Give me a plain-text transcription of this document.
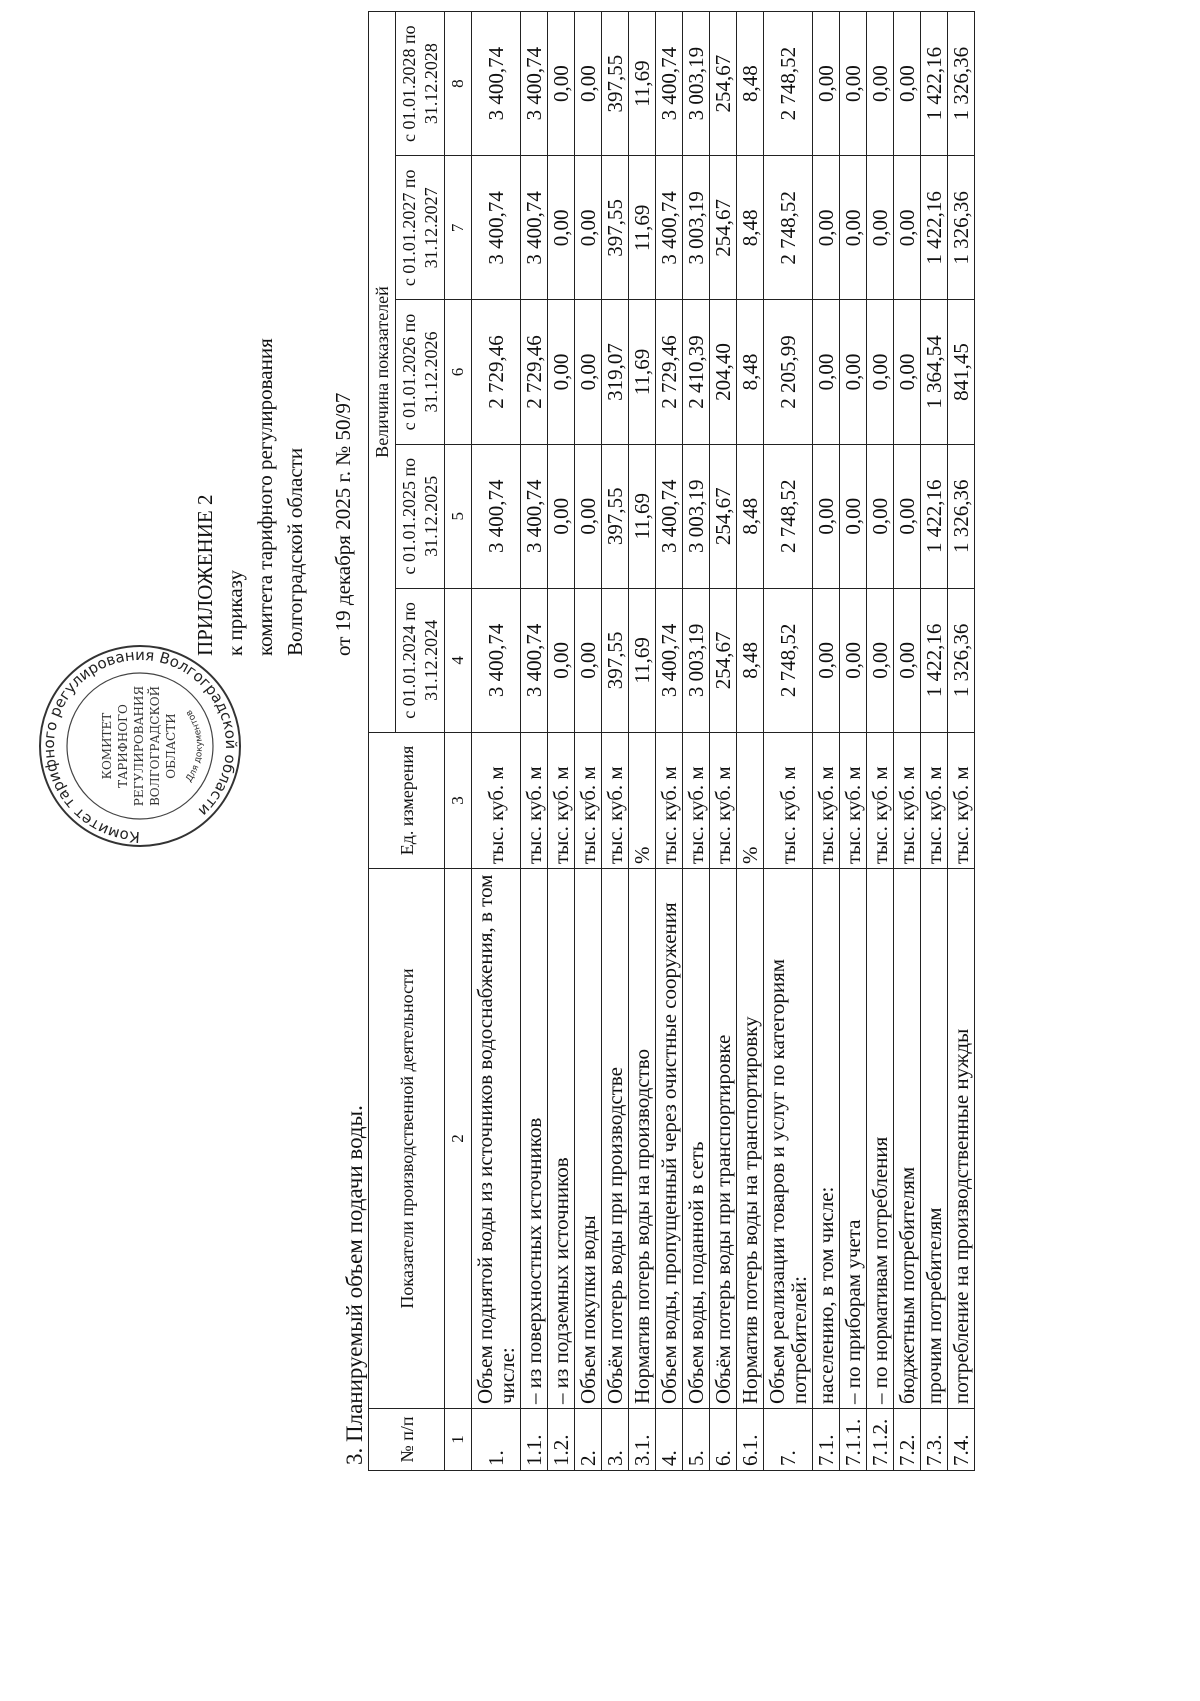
Комитет тарифного регулирования Волгоградской области
Для документов
КОМИТЕТ ТАРИФНОГО РЕГУЛИРОВАНИЯ ВОЛГОГРАДСКОЙ ОБЛАСТИ
ПРИЛОЖЕНИЕ 2 к приказу комитета тарифного регулирования Волгоградской области от 19 декабря 2025 г. № 50/97
3. Планируемый объем подачи воды. № п/п	Показатели производственной деятельности	Ед. измерения	Величина показателей				
			с 01.01.2024 по 31.12.2024	с 01.01.2025 по 31.12.2025	с 01.01.2026 по 31.12.2026	с 01.01.2027 по 31.12.2027	с 01.01.2028 по 31.12.2028
1	2	3	4	5	6	7	8
1.	Объем поднятой воды из источников водоснабжения, в том числе:	тыс. куб. м	3 400,74	3 400,74	2 729,46	3 400,74	3 400,74
1.1.	– из поверхностных источников	тыс. куб. м	3 400,74	3 400,74	2 729,46	3 400,74	3 400,74
1.2.	– из подземных источников	тыс. куб. м	0,00	0,00	0,00	0,00	0,00
2.	Объем покупки воды	тыс. куб. м	0,00	0,00	0,00	0,00	0,00
3.	Объём потерь воды при производстве	тыс. куб. м	397,55	397,55	319,07	397,55	397,55
3.1.	Норматив потерь воды на производство	%	11,69	11,69	11,69	11,69	11,69
4.	Объем воды, пропущенный через очистные сооружения	тыс. куб. м	3 400,74	3 400,74	2 729,46	3 400,74	3 400,74
5.	Объем воды, поданной в сеть	тыс. куб. м	3 003,19	3 003,19	2 410,39	3 003,19	3 003,19
6.	Объём потерь воды при транспортировке	тыс. куб. м	254,67	254,67	204,40	254,67	254,67
6.1.	Норматив потерь воды на транспортировку	%	8,48	8,48	8,48	8,48	8,48
7.	Объем реализации товаров и услуг по категориям потребителей:	тыс. куб. м	2 748,52	2 748,52	2 205,99	2 748,52	2 748,52
7.1.	населению, в том числе:	тыс. куб. м	0,00	0,00	0,00	0,00	0,00
7.1.1.	– по приборам учета	тыс. куб. м	0,00	0,00	0,00	0,00	0,00
7.1.2.	– по нормативам потребления	тыс. куб. м	0,00	0,00	0,00	0,00	0,00
7.2.	бюджетным потребителям	тыс. куб. м	0,00	0,00	0,00	0,00	0,00
7.3.	прочим потребителям	тыс. куб. м	1 422,16	1 422,16	1 364,54	1 422,16	1 422,16
7.4.	потребление на производственные нужды	тыс. куб. м	1 326,36	1 326,36	841,45	1 326,36	1 326,36
